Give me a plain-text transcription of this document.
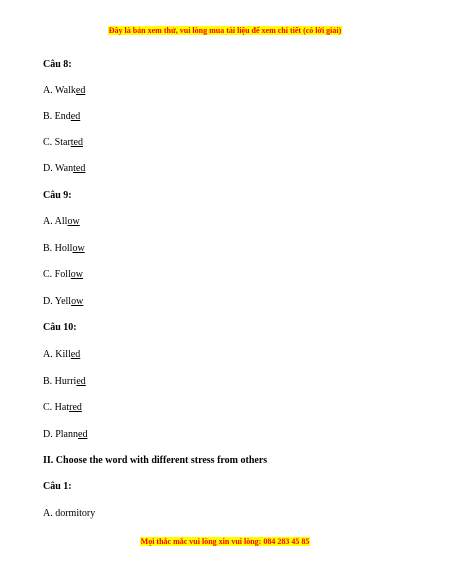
Đây là bản xem thử, vui lòng mua tài liệu để xem chi tiết (có lời giải)
Câu 8:
A. Walked
B. Ended
C. Started
D. Wanted
Câu 9:
A. Allow
B. Hollow
C. Follow
D. Yellow
Câu 10:
A. Killed
B. Hurried
C. Hatred
D. Planned
II. Choose the word with different stress from others
Câu 1:
A. dormitory
Mọi thắc mắc vui lòng xin vui lòng: 084 283 45 85
